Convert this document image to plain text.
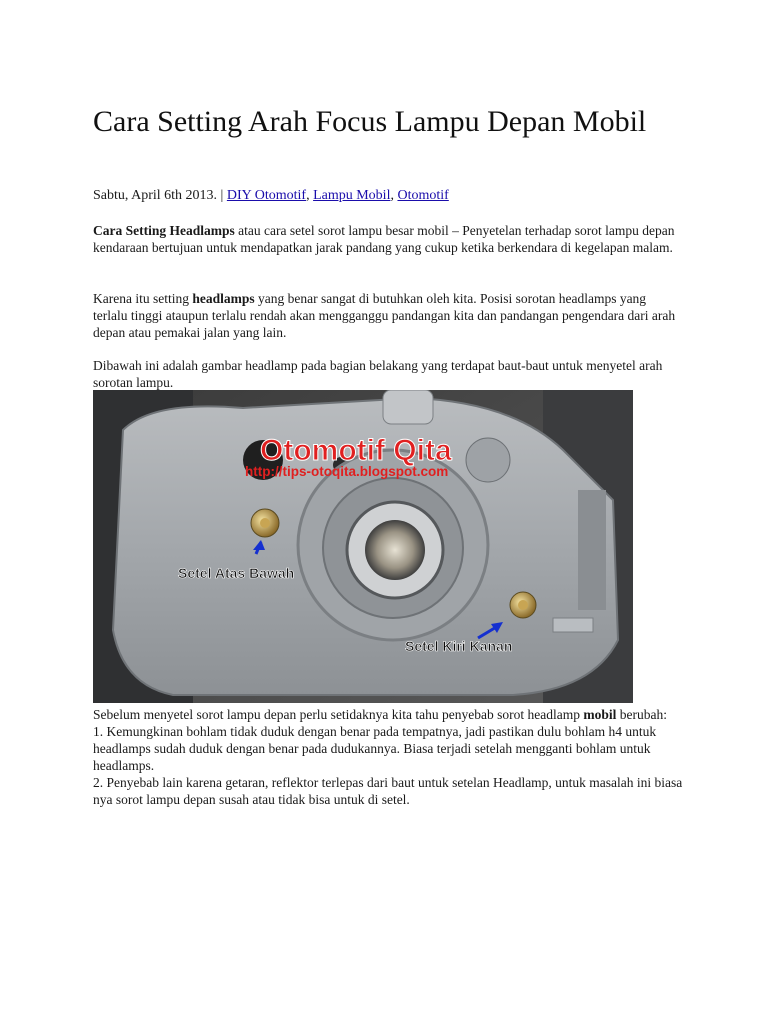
Cara Setting Arah Focus Lampu Depan Mobil
Sabtu, April 6th 2013. | DIY Otomotif, Lampu Mobil, Otomotif

Cara Setting Headlamps atau cara setel sorot lampu besar mobil – Penyetelan terhadap sorot lampu depan kendaraan bertujuan untuk mendapatkan jarak pandang yang cukup ketika berkendara di kegelapan malam.

Karena itu setting headlamps yang benar sangat di butuhkan oleh kita. Posisi sorotan headlamps yang terlalu tinggi ataupun terlalu rendah akan mengganggu pandangan kita dan pandangan pengendara dari arah depan atau pemakai jalan yang lain.

Dibawah ini adalah gambar headlamp pada bagian belakang yang terdapat baut-baut untuk menyetel arah sorotan lampu.

Otomotif Qita
http://tips-otoqita.blogspot.com
Setel Atas Bawah
Setel Kiri Kanan

Sebelum menyetel sorot lampu depan perlu setidaknya kita tahu penyebab sorot headlamp mobil berubah:
1. Kemungkinan bohlam tidak duduk dengan benar pada tempatnya, jadi pastikan dulu bohlam h4 untuk headlamps sudah duduk dengan benar pada dudukannya. Biasa terjadi setelah mengganti bohlam untuk headlamps.
2. Penyebab lain karena getaran, reflektor terlepas dari baut untuk setelan Headlamp, untuk masalah ini biasa nya sorot lampu depan susah atau tidak bisa untuk di setel.
